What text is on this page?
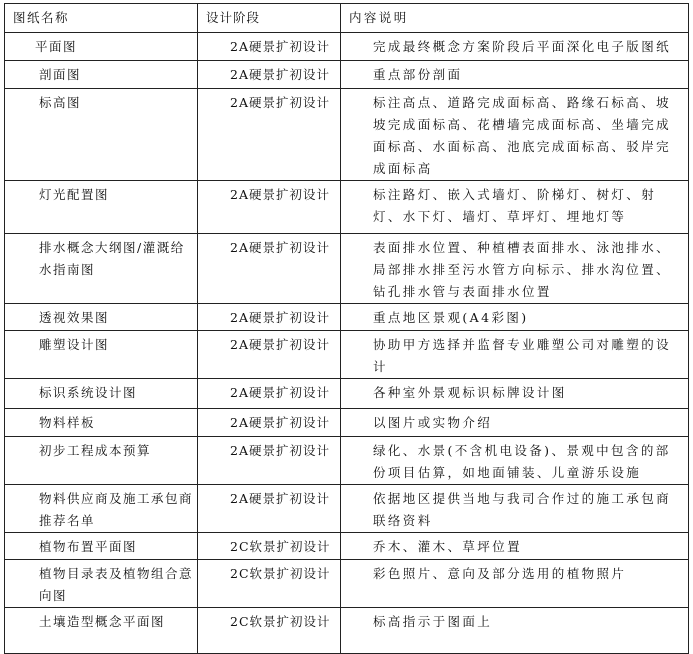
图纸名称	设计阶段	内容说明
平面图	2A硬景扩初设计	完成最终概念方案阶段后平面深化电子版图纸
剖面图	2A硬景扩初设计	重点部份剖面
标高图	2A硬景扩初设计	标注高点、道路完成面标高、路缘石标高、坡坡完成面标高、花槽墙完成面标高、坐墙完成面标高、水面标高、池底完成面标高、驳岸完成面标高
灯光配置图	2A硬景扩初设计	标注路灯、嵌入式墙灯、阶梯灯、树灯、射灯、水下灯、墙灯、草坪灯、埋地灯等
排水概念大纲图/灌溉给水指南图	2A硬景扩初设计	表面排水位置、种植槽表面排水、泳池排水、局部排水排至污水管方向标示、排水沟位置、钻孔排水管与表面排水位置
透视效果图	2A硬景扩初设计	重点地区景观(A4彩图)
雕塑设计图	2A硬景扩初设计	协助甲方选择并监督专业雕塑公司对雕塑的设计
标识系统设计图	2A硬景扩初设计	各种室外景观标识标牌设计图
物料样板	2A硬景扩初设计	以图片或实物介绍
初步工程成本预算	2A硬景扩初设计	绿化、水景(不含机电设备)、景观中包含的部份项目估算，如地面铺装、儿童游乐设施
物料供应商及施工承包商推荐名单	2A硬景扩初设计	依据地区提供当地与我司合作过的施工承包商联络资料
植物布置平面图	2C软景扩初设计	乔木、灌木、草坪位置
植物目录表及植物组合意向图	2C软景扩初设计	彩色照片、意向及部分选用的植物照片
土壤造型概念平面图	2C软景扩初设计	标高指示于图面上
